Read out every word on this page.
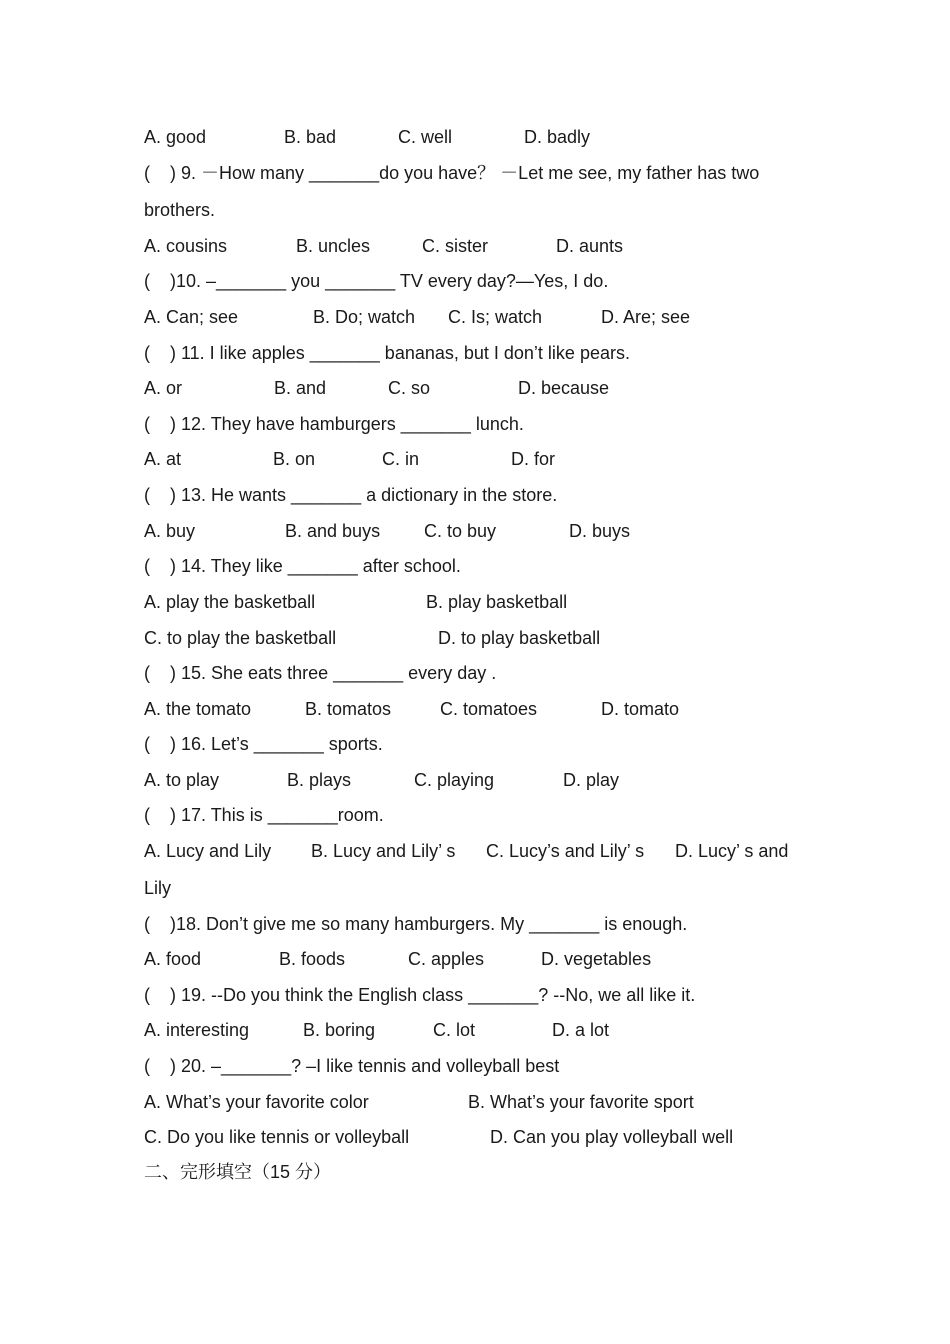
A. good	B. bad	C. well	D. badly
(    ) 9. －How many _______do you have？ －Let me see, my father has two
brothers.
A. cousins	B. uncles	C. sister	D. aunts
(    )10. –_______ you _______ TV every day?—Yes, I do.
A. Can; see	B. Do; watch C. Is; watch	D. Are; see
(    ) 11. I like apples _______ bananas, but I don’t like pears.
A. or	B. and	C. so	D. because
(    ) 12. They have hamburgers _______ lunch.
A. at	B. on	C. in	D. for
(    ) 13. He wants _______ a dictionary in the store.
A. buy	B. and buys C. to buy	D. buys
(    ) 14. They like _______ after school.
A. play the basketball	B. play basketball
C. to play the basketball	D. to play basketball
(    ) 15. She eats three _______ every day .
A. the tomato	B. tomatos	C. tomatoes	D. tomato
(    ) 16. Let’s _______ sports.
A. to play	B. plays	C. playing	D. play
(    ) 17. This is _______room.
A. Lucy and Lily B. Lucy and Lily’ s C. Lucy’s and Lily’ s D. Lucy’ s and
Lily
(    )18. Don’t give me so many hamburgers. My _______ is enough.
A. food	B. foods	C. apples	D. vegetables
(    ) 19. --Do you think the English class _______? --No, we all like it.
A. interesting	B. boring	C. lot	D. a lot
(    ) 20. –_______? –I like tennis and volleyball best
A. What’s your favorite color	B. What’s your favorite sport
C. Do you like tennis or volleyball	D. Can you play volleyball well
二、完形填空（15 分）
